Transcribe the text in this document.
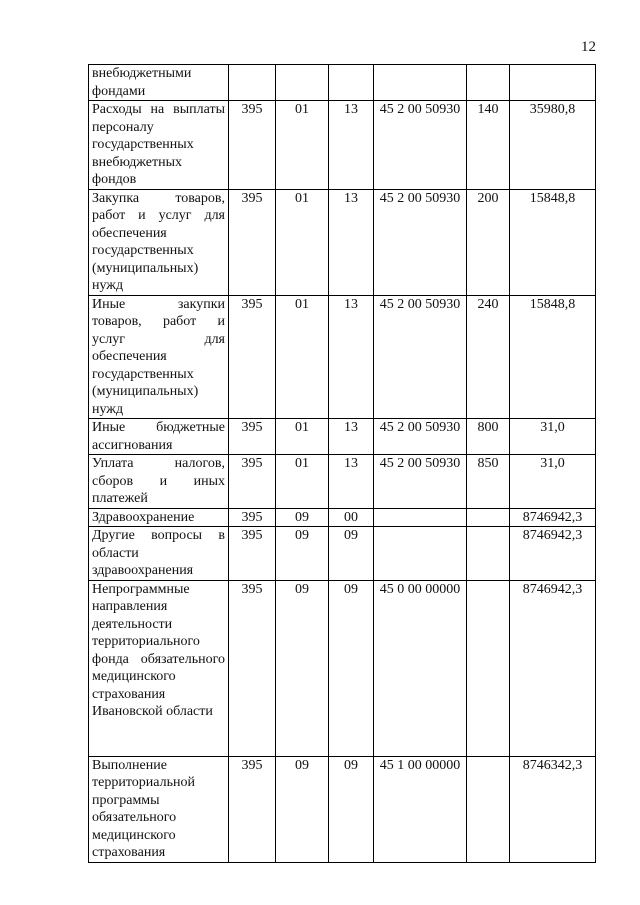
12
внебюджетными фондами						
Расходы на выплаты персоналу государственных внебюджетных фондов	395	01	13	45 2 00 50930	140	35980,8
Закупка товаров, работ и услуг для обеспечения государственных (муниципальных) нужд	395	01	13	45 2 00 50930	200	15848,8
Иные закупки товаров, работ и услуг для обеспечения государственных (муниципальных) нужд	395	01	13	45 2 00 50930	240	15848,8
Иные бюджетные ассигнования	395	01	13	45 2 00 50930	800	31,0
Уплата налогов, сборов и иных платежей	395	01	13	45 2 00 50930	850	31,0
Здравоохранение	395	09	00			8746942,3
Другие вопросы в области здравоохранения	395	09	09			8746942,3
Непрограммные направления деятельности территориального фонда обязательного медицинского страхования Ивановской области	395	09	09	45 0 00 00000		8746942,3
Выполнение территориальной программы обязательного медицинского страхования	395	09	09	45 1 00 00000		8746342,3
